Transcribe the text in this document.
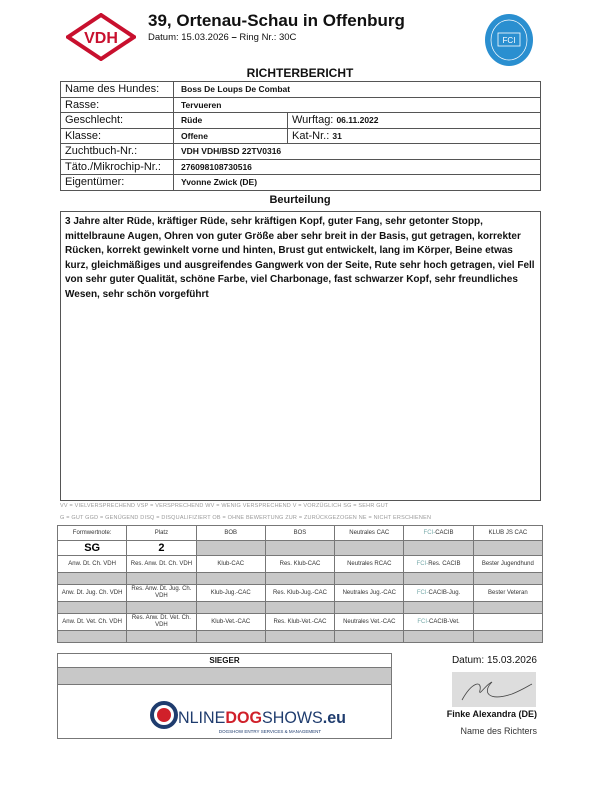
VDH
39, Ortenau-Schau in Offenburg
Datum: 15.03.2026 – Ring Nr.: 30C	FCI
RICHTERBERICHT
Name des Hundes:	Boss De Loups De Combat	
Rasse:	Tervueren	
Geschlecht:	Rüde	Wurftag: 06.11.2022
Klasse:	Offene	Kat-Nr.: 31
Zuchtbuch-Nr.:	VDH VDH/BSD 22TV0316	
Täto./Mikrochip-Nr.:	276098108730516	
Eigentümer:	Yvonne Zwick (DE)	
Beurteilung
3 Jahre alter Rüde, kräftiger Rüde, sehr kräftigen Kopf, guter Fang, sehr getonter Stopp, mittelbraune Augen, Ohren von guter Größe aber sehr breit in der Basis, gut getragen, korrekter Rücken, korrekt gewinkelt vorne und hinten, Brust gut entwickelt, lang im Körper, Beine etwas kurz, gleichmäßiges und ausgreifendes Gangwerk von der Seite, Rute sehr hoch getragen, viel Fell von sehr guter Qualität, schöne Farbe, viel Charbonage, fast schwarzer Kopf, sehr freundliches Wesen, sehr schön vorgeführt
VV = VIELVERSPRECHEND VSP = VERSPRECHEND WV = WENIG VERSPRECHEND V = VORZÜGLICH SG = SEHR GUT
G = GUT GGD = GENÜGEND DISQ = DISQUALIFIZIERT OB = OHNE BEWERTUNG ZUR = ZURÜCKGEZOGEN NE = NICHT ERSCHIENEN
Formwertnote:	Platz	BOB	BOS	Neutrales CAC	FCI-CACIB	KLUB JS CAC
SG	2					
Anw. Dt. Ch. VDH	Res. Anw. Dt. Ch. VDH	Klub-CAC	Res. Klub-CAC	Neutrales RCAC	FCI-Res. CACIB	Bester Jugendhund

Anw. Dt. Jug. Ch. VDH	Res. Anw. Dt. Jug. Ch. VDH	Klub-Jug.-CAC	Res. Klub-Jug.-CAC	Neutrales Jug.-CAC	FCI-CACIB-Jug.	Bester Veteran

Anw. Dt. Vet. Ch. VDH	Res. Anw. Dt. Vet. Ch. VDH	Klub-Vet.-CAC	Res. Klub-Vet.-CAC	Neutrales Vet.-CAC	FCI-CACIB-Vet.	

SIEGER

NLINEDOGSHOWS.eu
DOGSHOW ENTRY SERVICES & MANAGEMENT
Datum: 15.03.2026
Finke Alexandra (DE)
Name des Richters
